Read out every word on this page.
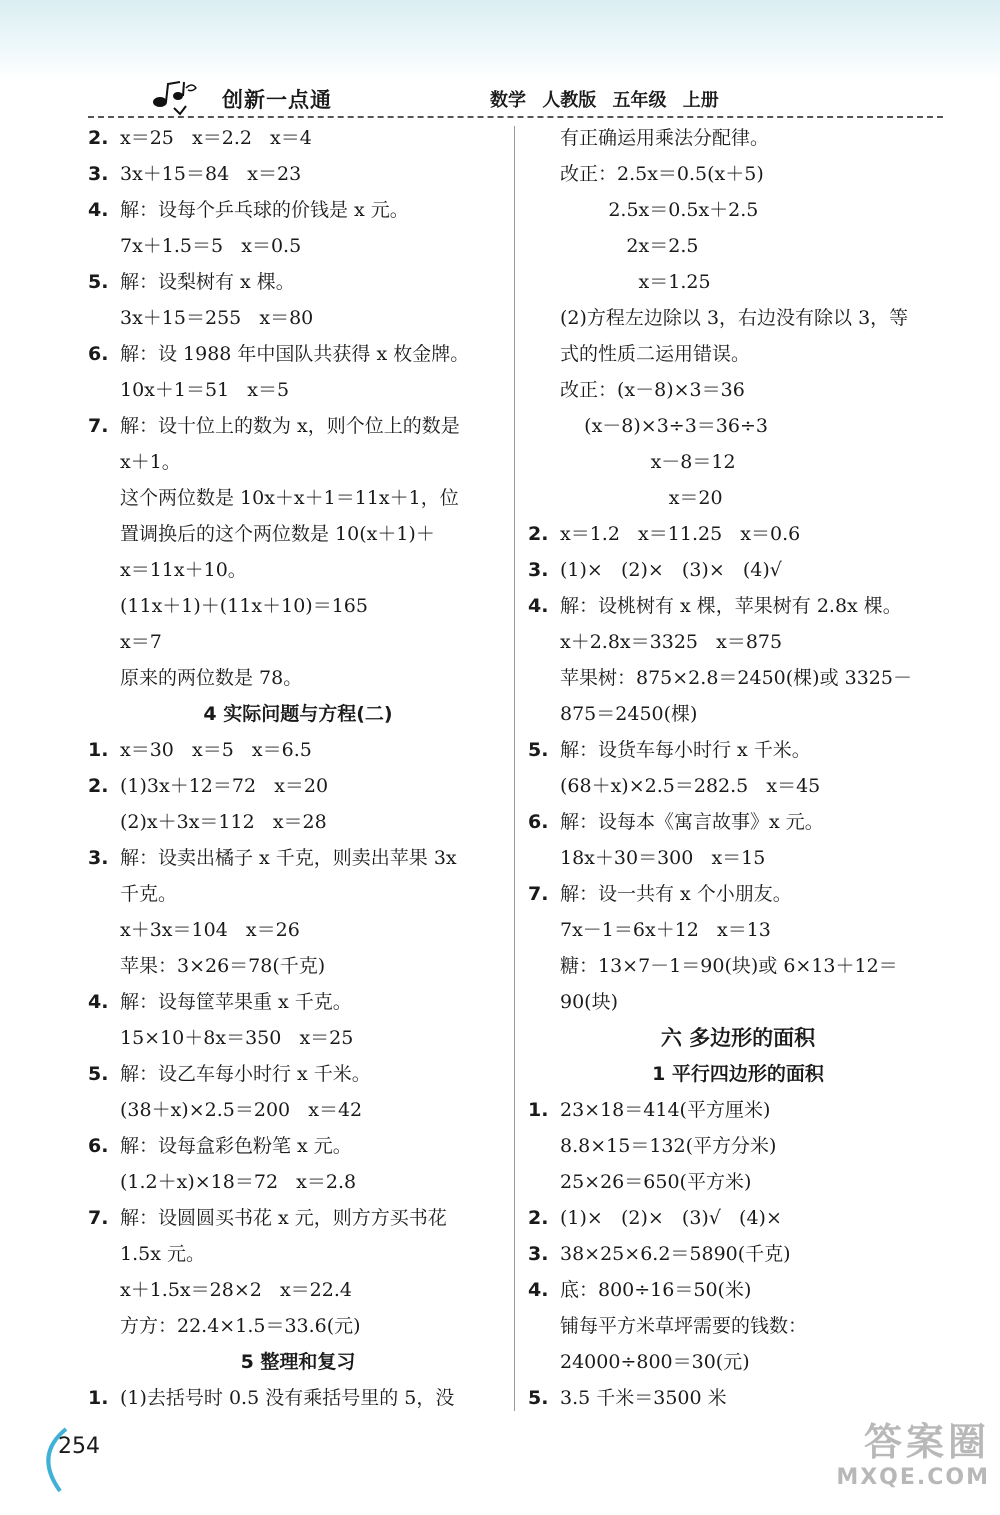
创新一点通	数学 人教版 五年级 上册
2. x＝25   x＝2.2   x＝4
3. 3x＋15＝84   x＝23
4. 解：设每个乒乓球的价钱是 x 元。
7x＋1.5＝5   x＝0.5
5. 解：设梨树有 x 棵。
3x＋15＝255   x＝80
6. 解：设 1988 年中国队共获得 x 枚金牌。
10x＋1＝51   x＝5
7. 解：设十位上的数为 x，则个位上的数是
x＋1。
这个两位数是 10x＋x＋1＝11x＋1，位
置调换后的这个两位数是 10(x＋1)＋
x＝11x＋10。
(11x＋1)＋(11x＋10)＝165
x＝7
原来的两位数是 78。
4 实际问题与方程(二)
1. x＝30   x＝5   x＝6.5
2. (1)3x＋12＝72   x＝20
(2)x＋3x＝112   x＝28
3. 解：设卖出橘子 x 千克，则卖出苹果 3x
千克。
x＋3x＝104   x＝26
苹果：3×26＝78(千克)
4. 解：设每筐苹果重 x 千克。
15×10＋8x＝350   x＝25
5. 解：设乙车每小时行 x 千米。
(38＋x)×2.5＝200   x＝42
6. 解：设每盒彩色粉笔 x 元。
(1.2＋x)×18＝72   x＝2.8
7. 解：设圆圆买书花 x 元，则方方买书花
1.5x 元。
x＋1.5x＝28×2   x＝22.4
方方：22.4×1.5＝33.6(元)
5 整理和复习
1. (1)去括号时 0.5 没有乘括号里的 5，没
有正确运用乘法分配律。
改正：2.5x＝0.5(x＋5)
2.5x＝0.5x＋2.5
2x＝2.5
x＝1.25
(2)方程左边除以 3，右边没有除以 3，等
式的性质二运用错误。
改正：(x－8)×3＝36
(x－8)×3÷3＝36÷3
x－8＝12
x＝20
2. x＝1.2   x＝11.25   x＝0.6
3. (1)×   (2)×   (3)×   (4)√
4. 解：设桃树有 x 棵，苹果树有 2.8x 棵。
x＋2.8x＝3325   x＝875
苹果树：875×2.8＝2450(棵)或 3325－
875＝2450(棵)
5. 解：设货车每小时行 x 千米。
(68＋x)×2.5＝282.5   x＝45
6. 解：设每本《寓言故事》x 元。
18x＋30＝300   x＝15
7. 解：设一共有 x 个小朋友。
7x－1＝6x＋12   x＝13
糖：13×7－1＝90(块)或 6×13＋12＝
90(块)
六 多边形的面积
1 平行四边形的面积
1. 23×18＝414(平方厘米)
8.8×15＝132(平方分米)
25×26＝650(平方米)
2. (1)×   (2)×   (3)√   (4)×
3. 38×25×6.2＝5890(千克)
4. 底：800÷16＝50(米)
铺每平方米草坪需要的钱数：
24000÷800＝30(元)
5. 3.5 千米＝3500 米
254	答案圈
MXQE.COM
